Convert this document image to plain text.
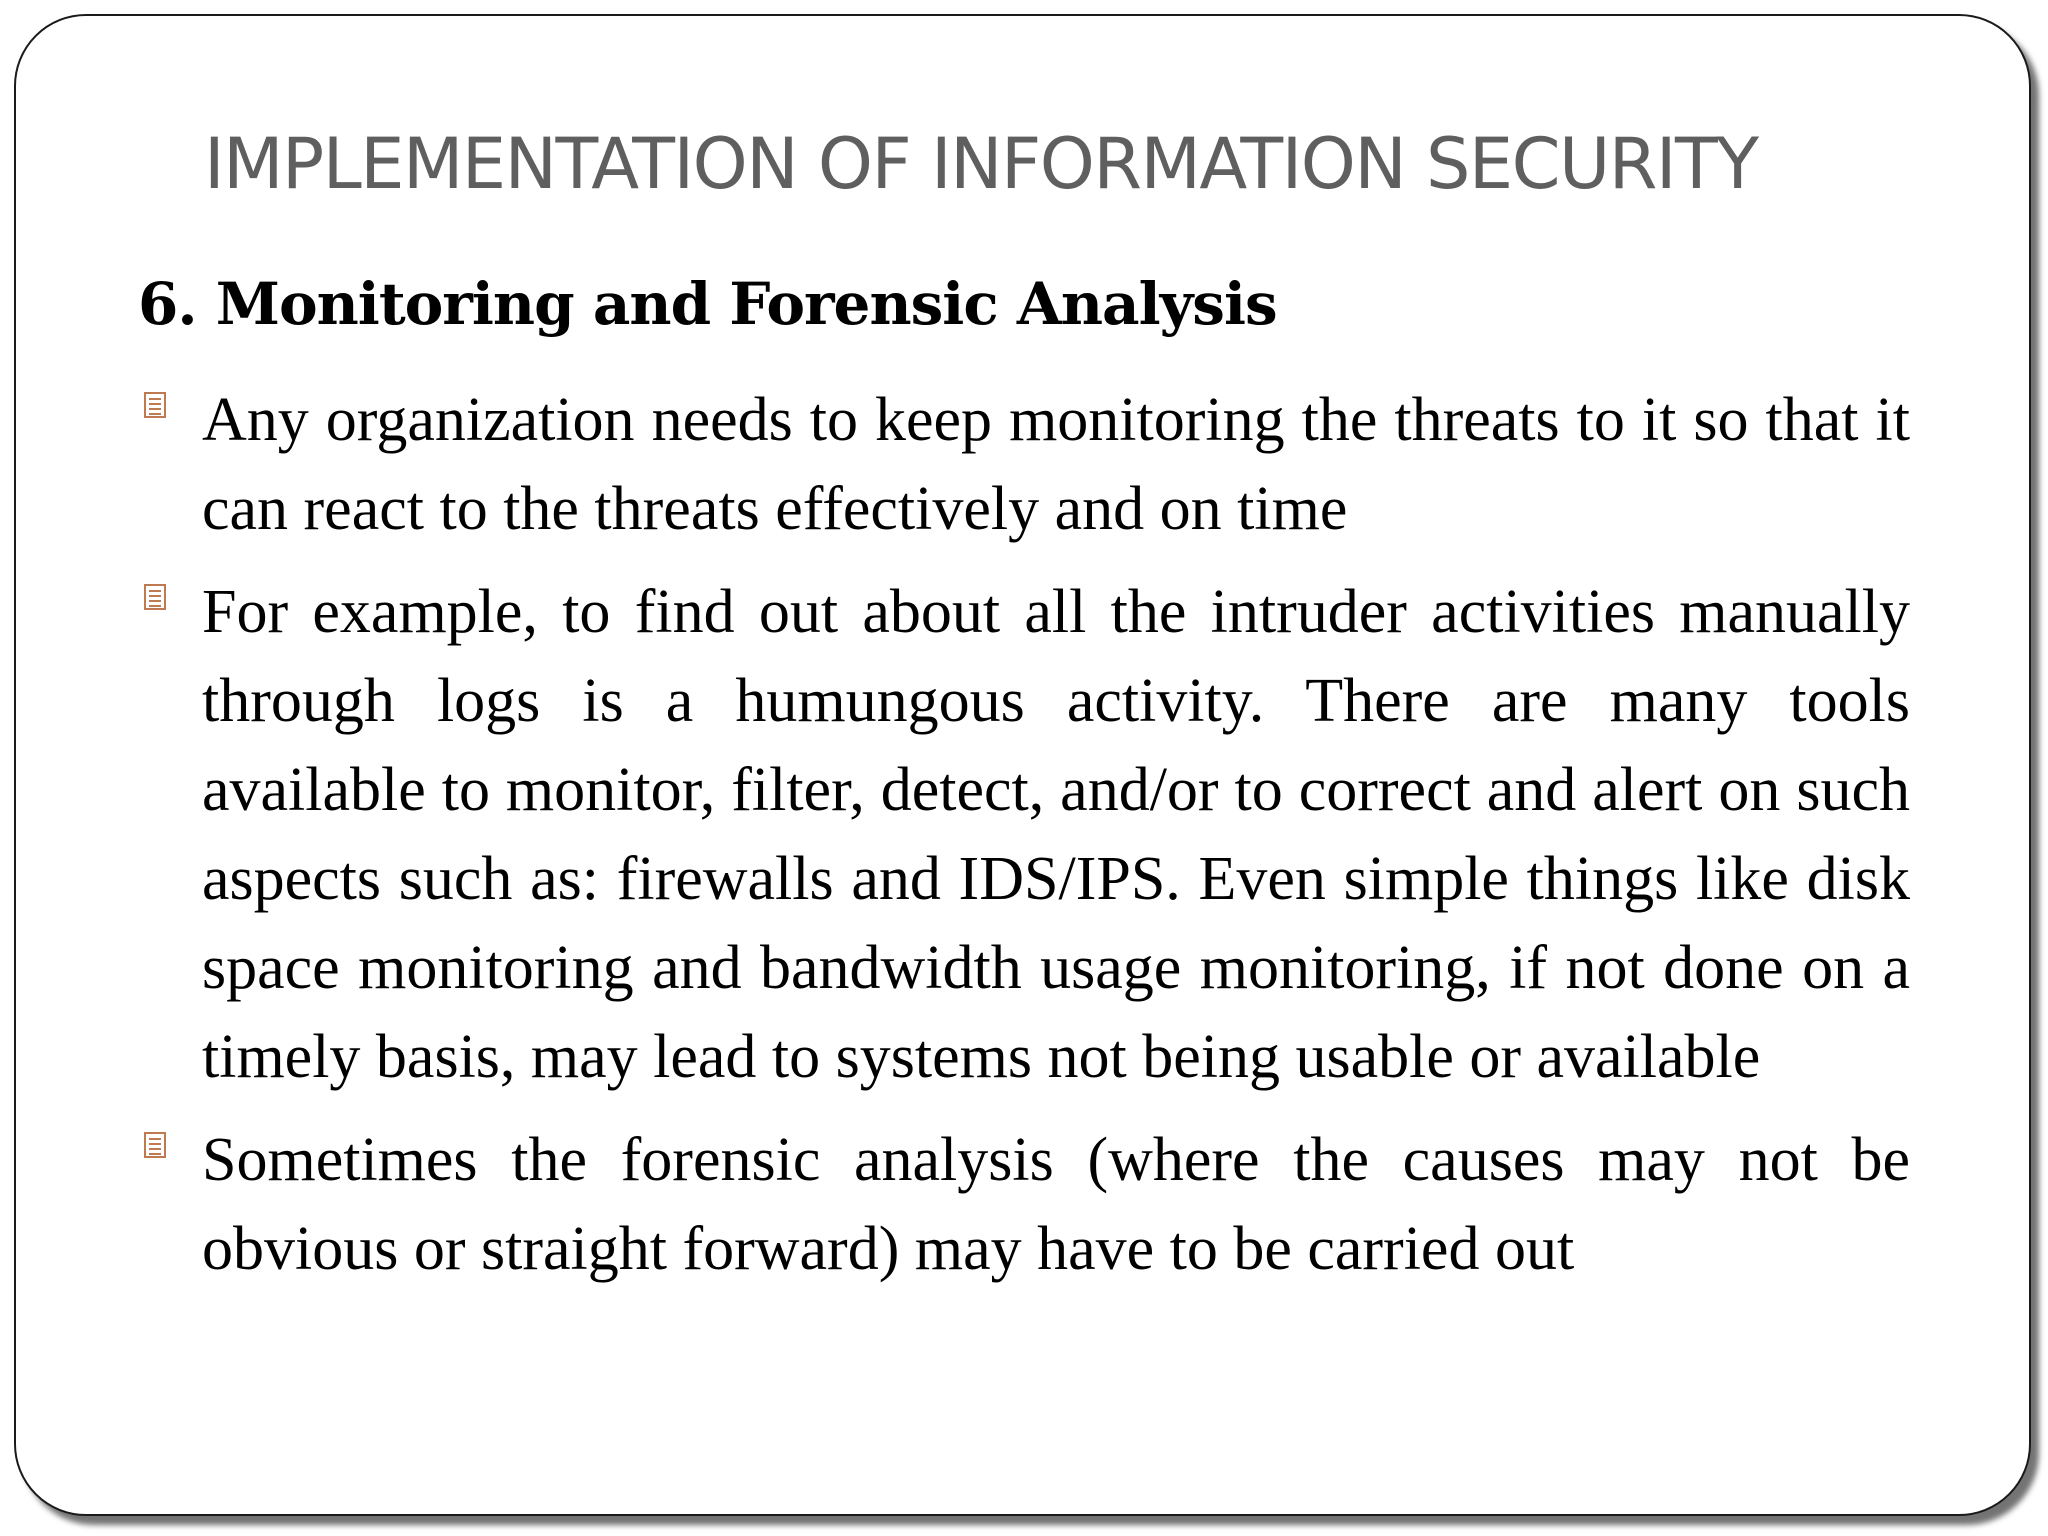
IMPLEMENTATION OF INFORMATION SECURITY
6. Monitoring and Forensic Analysis
Any organization needs to keep monitoring the threats to it so that it can react to the threats effectively and on time
For example, to find out about all the intruder activities manually through logs is a humungous activity. There are many tools available to monitor, filter, detect, and/or to correct and alert on such aspects such as: firewalls and IDS/IPS. Even simple things like disk space monitoring and bandwidth usage monitoring, if not done on a timely basis, may lead to systems not being usable or available
Sometimes the forensic analysis (where the causes may not be obvious or straight forward) may have to be carried out
